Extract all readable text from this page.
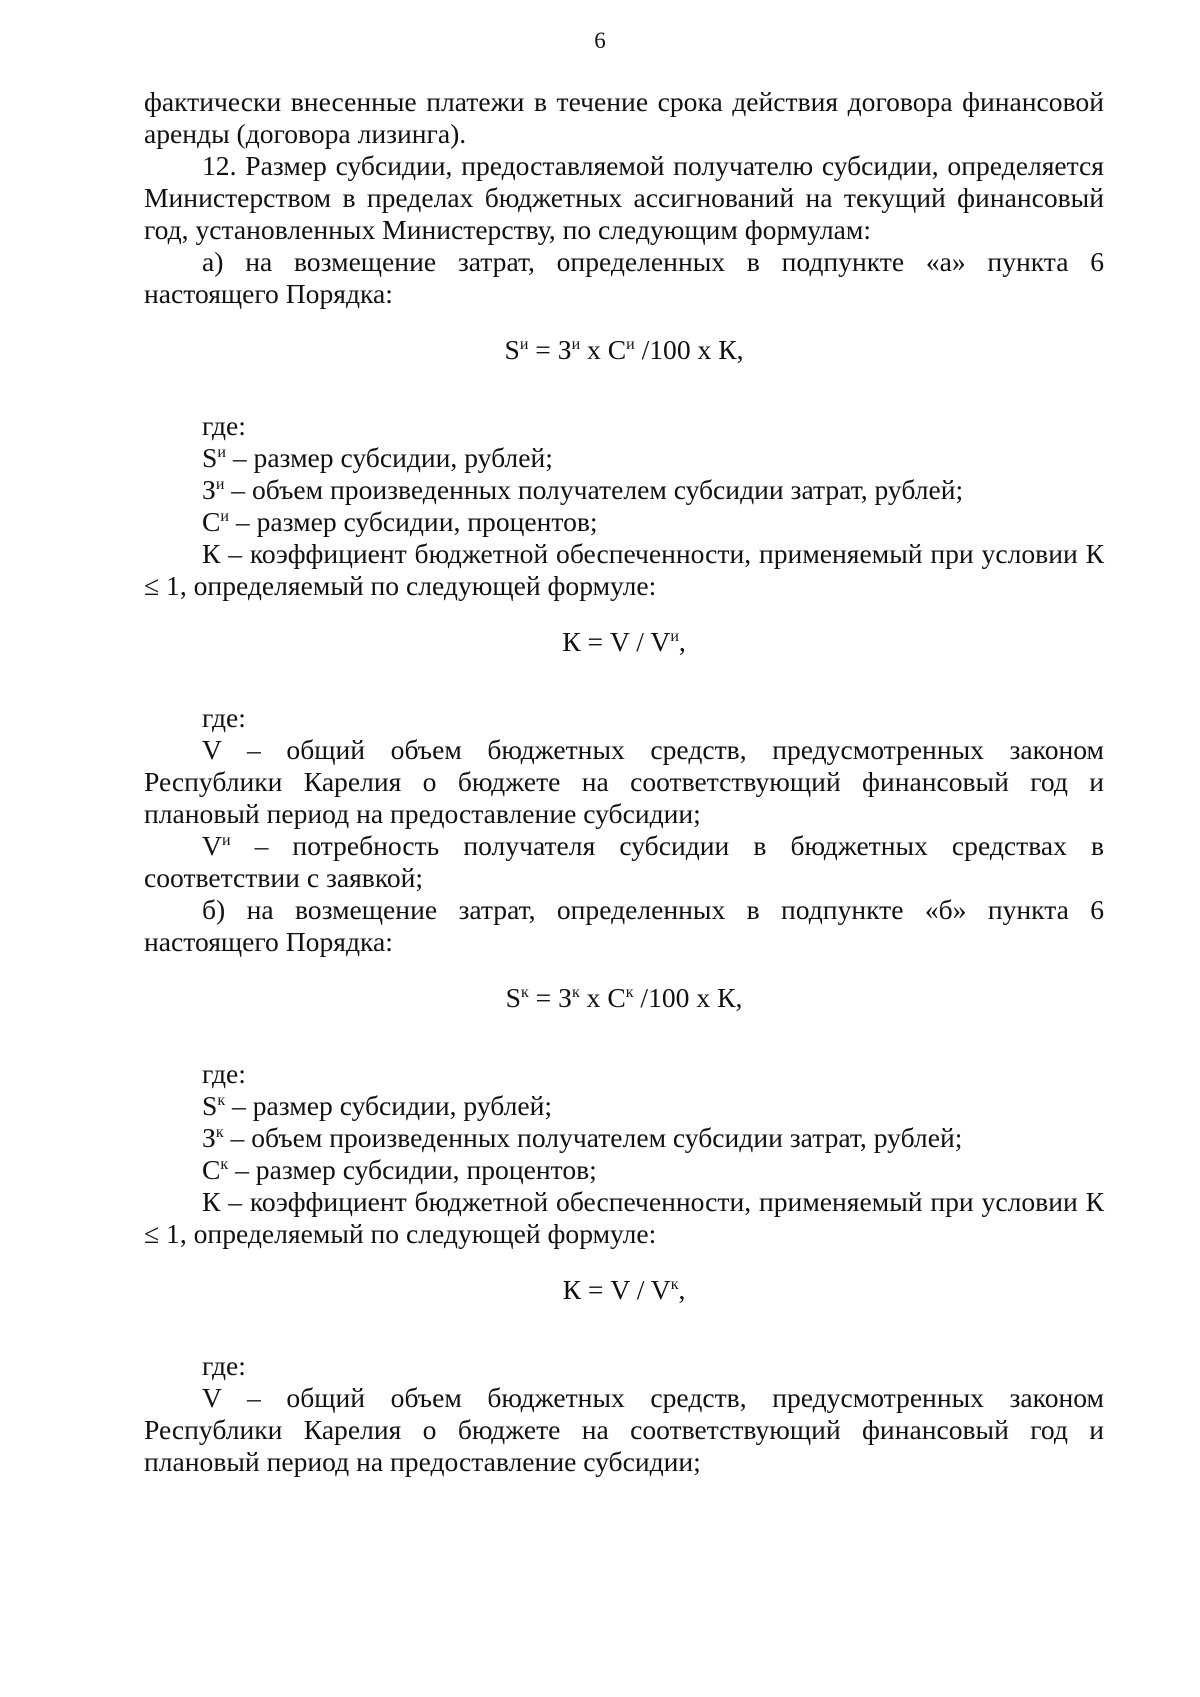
6

фактически внесенные платежи в течение срока действия договора финансовой аренды (договора лизинга).

12. Размер субсидии, предоставляемой получателю субсидии, определяется Министерством в пределах бюджетных ассигнований на текущий финансовый год, установленных Министерству, по следующим формулам:

а) на возмещение затрат, определенных в подпункте «а» пункта 6 настоящего Порядка:

$S^и = З^и$ х $С^и$ /100 х К,

где:

$S^и$ – размер субсидии, рублей;

$З^и$ – объем произведенных получателем субсидии затрат, рублей;

$С^и$ – размер субсидии, процентов;

К – коэффициент бюджетной обеспеченности, применяемый при условии К ≤ 1, определяемый по следующей формуле:

$К = V / V^и$,

где:

V – общий объем бюджетных средств, предусмотренных законом Республики Карелия о бюджете на соответствующий финансовый год и плановый период на предоставление субсидии;

$V^и$ – потребность получателя субсидии в бюджетных средствах в соответствии с заявкой;

б) на возмещение затрат, определенных в подпункте «б» пункта 6 настоящего Порядка:

$S^к = З^к$ х $С^к$ /100 х К,

где:

$S^к$ – размер субсидии, рублей;

$З^к$ – объем произведенных получателем субсидии затрат, рублей;

$С^к$ – размер субсидии, процентов;

К – коэффициент бюджетной обеспеченности, применяемый при условии К ≤ 1, определяемый по следующей формуле:

$К = V / V^к$,

где:

V – общий объем бюджетных средств, предусмотренных законом Республики Карелия о бюджете на соответствующий финансовый год и плановый период на предоставление субсидии;
